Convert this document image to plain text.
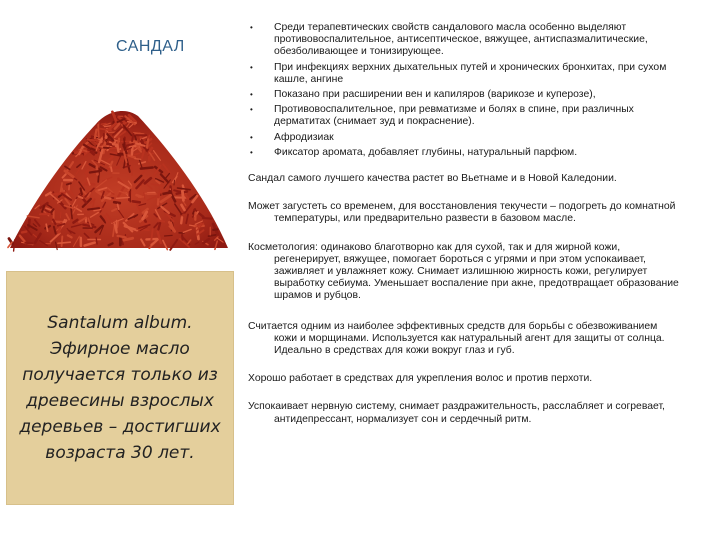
САНДАЛ
Santalum album.
Эфирное масло получается только из древесины взрослых деревьев – достигших возраста 30 лет.
• Среди терапевтических свойств сандалового масла особенно выделяют противовоспалительное, антисептическое, вяжущее, антиспазмалитические, обезболивающее и тонизирующее.
• При инфекциях верхних дыхательных путей и хронических бронхитах, при сухом кашле, ангине
• Показано при расширении вен и капиляров (варикозе и куперозе),
• Противовоспалительное, при ревматизме и болях в спине, при различных дерматитах (снимает зуд и покраснение).
• Афродизиак
• Фиксатор аромата, добавляет глубины, натуральный парфюм.

Сандал самого лучшего качества растет во Вьетнаме и в Новой Каледонии.

Может загустеть со временем, для восстановления текучести – подогреть до комнатной температуры, или предварительно развести в базовом масле.

Косметология: одинаково благотворно как для сухой, так и для жирной кожи, регенерирует, вяжущее, помогает бороться с угрями и при этом успокаивает, заживляет и увлажняет кожу. Снимает излишнюю жирность кожи, регулирует выработку себиума. Уменьшает воспаление при акне, предотвращает образование шрамов и рубцов.

Считается одним из наиболее эффективных средств для борьбы с обезвоживанием кожи и морщинами. Используется как натуральный агент для защиты от солнца. Идеально в средствах для кожи вокруг глаз и губ.

Хорошо работает в средствах для укрепления волос и против перхоти.

Успокаивает нервную систему, снимает раздражительность, расслабляет и согревает, антидепрессант, нормализует сон и сердечный ритм.
